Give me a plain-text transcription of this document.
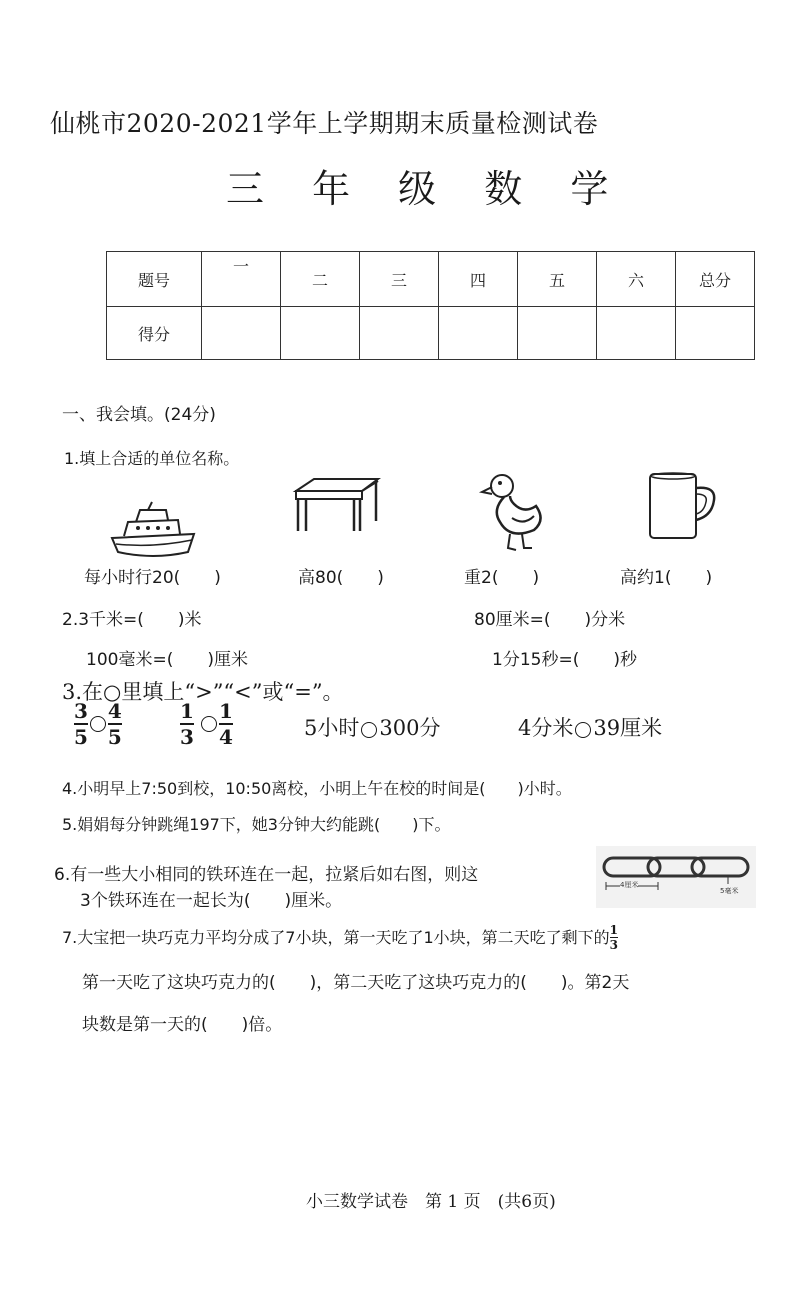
仙桃市2020-2021学年上学期期末质量检测试卷
三 年 级 数 学
题号	一	二	三	四	五	六	总分
得分							
一、我会填。(24分)
1.填上合适的单位名称。
每小时行20(　　)	高80(　　)	重2(　　)	高约1(　　)
2.3千米=(　　)米	80厘米=(　　)分米
100毫米=(　　)厘米	1分15秒=(　　)秒
3.在○里填上“>”“<”或“=”。
$\frac{3}{5} \frac{4}{5}$	$\frac{1}{3}$
$\frac{1}{4}$	5小时 300分	4分米 39厘米
4.小明早上7:50到校，10:50离校，小明上午在校的时间是(　　)小时。
5.娟娟每分钟跳绳197下，她3分钟大约能跳(　　)下。
6.有一些大小相同的铁环连在一起，拉紧后如右图，则这
3个铁环连在一起长为(　　)厘米。
4厘米
5毫米
7.大宝把一块巧克力平均分成了7小块，第一天吃了1小块，第二天吃了剩下的 $\frac{1}{3}$
第一天吃了这块巧克力的(　　)，第二天吃了这块巧克力的(　　)。第2天
块数是第一天的(　　)倍。
小三数学试卷　第 1 页　(共6页)
